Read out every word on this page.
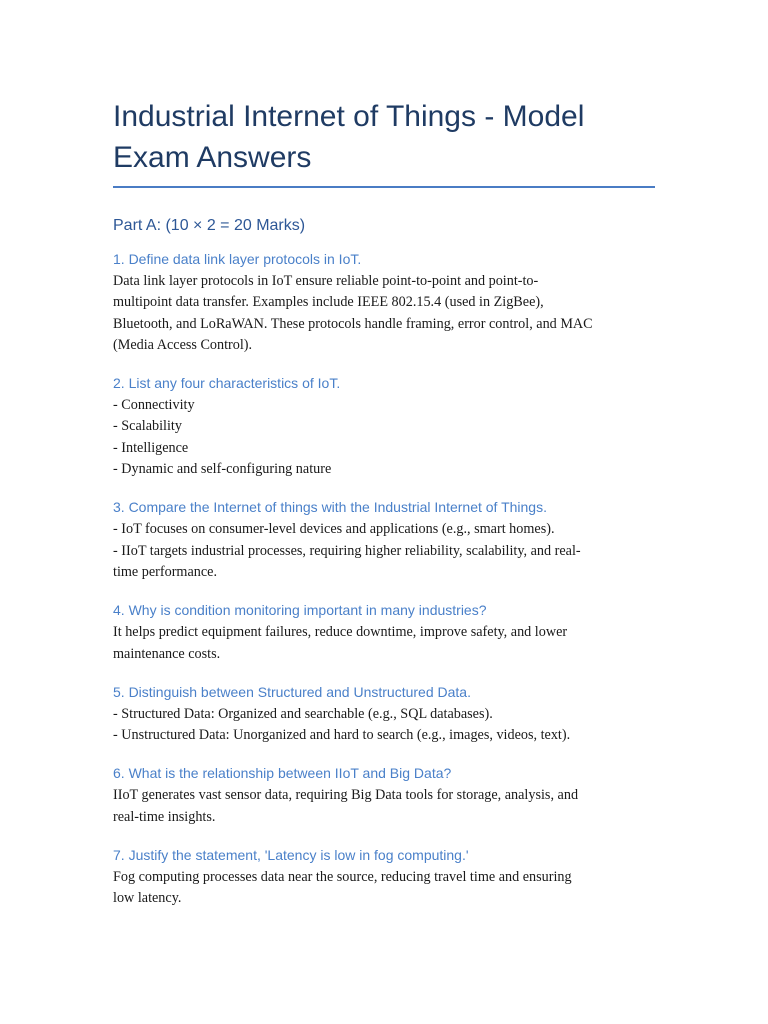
Industrial Internet of Things - Model
Exam Answers
Part A: (10 × 2 = 20 Marks)
1. Define data link layer protocols in IoT.

Data link layer protocols in IoT ensure reliable point-to-point and point-to-
multipoint data transfer. Examples include IEEE 802.15.4 (used in ZigBee),
Bluetooth, and LoRaWAN. These protocols handle framing, error control, and MAC
(Media Access Control).

2. List any four characteristics of IoT.

- Connectivity
- Scalability
- Intelligence
- Dynamic and self-configuring nature

3. Compare the Internet of things with the Industrial Internet of Things.

- IoT focuses on consumer-level devices and applications (e.g., smart homes).
- IIoT targets industrial processes, requiring higher reliability, scalability, and real-
time performance.

4. Why is condition monitoring important in many industries?

It helps predict equipment failures, reduce downtime, improve safety, and lower
maintenance costs.

5. Distinguish between Structured and Unstructured Data.

- Structured Data: Organized and searchable (e.g., SQL databases).
- Unstructured Data: Unorganized and hard to search (e.g., images, videos, text).

6. What is the relationship between IIoT and Big Data?

IIoT generates vast sensor data, requiring Big Data tools for storage, analysis, and
real-time insights.

7. Justify the statement, 'Latency is low in fog computing.'

Fog computing processes data near the source, reducing travel time and ensuring
low latency.
